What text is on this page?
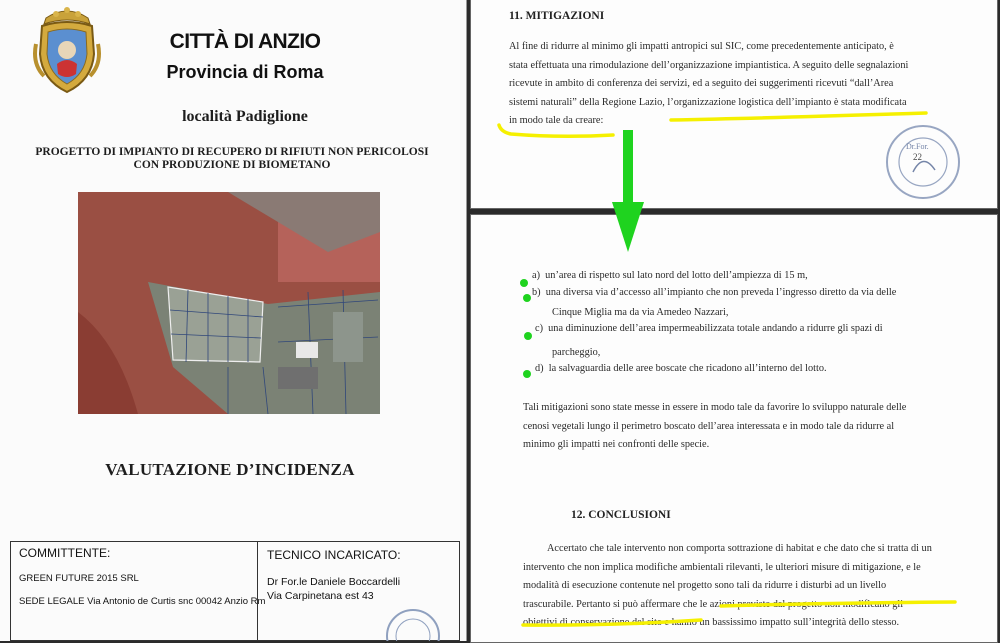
CITTÀ DI ANZIO
Provincia di Roma
località Padiglione
PROGETTO DI IMPIANTO DI RECUPERO DI RIFIUTI NON PERICOLOSI
CON PRODUZIONE DI BIOMETANO
VALUTAZIONE D’INCIDENZA
COMMITTENTE:
GREEN FUTURE 2015 SRL
SEDE LEGALE Via Antonio de Curtis snc 00042 Anzio Rm
TECNICO INCARICATO:
Dr For.le Daniele Boccardelli
Via Carpinetana est 43
11. MITIGAZIONI
Al fine di ridurre al minimo gli impatti antropici sul SIC, come precedentemente anticipato, è
stata effettuata una rimodulazione dell’organizzazione impiantistica. A seguito delle segnalazioni
ricevute in ambito di conferenza dei servizi, ed a seguito dei suggerimenti ricevuti “dall’Area
sistemi naturali” della Regione Lazio, l’organizzazione logistica dell’impianto è stata modificata
in modo tale da creare:
Dr.For.
22
a) un’area di rispetto sul lato nord del lotto dell’ampiezza di 15 m,
b) una diversa via d’accesso all’impianto che non preveda l’ingresso diretto da via delle
Cinque Miglia ma da via Amedeo Nazzari,
c) una diminuzione dell’area impermeabilizzata totale andando a ridurre gli spazi di
parcheggio,
d) la salvaguardia delle aree boscate che ricadono all’interno del lotto.
Tali mitigazioni sono state messe in essere in modo tale da favorire lo sviluppo naturale delle
cenosi vegetali lungo il perimetro boscato dell’area interessata e in modo tale da ridurre al
minimo gli impatti nei confronti delle specie.
12. CONCLUSIONI
Accertato che tale intervento non comporta sottrazione di habitat e che dato che si tratta di un
intervento che non implica modifiche ambientali rilevanti, le ulteriori misure di mitigazione, e le
modalità di esecuzione contenute nel progetto sono tali da ridurre i disturbi ad un livello
trascurabile. Pertanto si può affermare che le azioni previste dal progetto non modificano gli
obiettivi di conservazione del sito e hanno un bassissimo impatto sull’integrità dello stesso.
